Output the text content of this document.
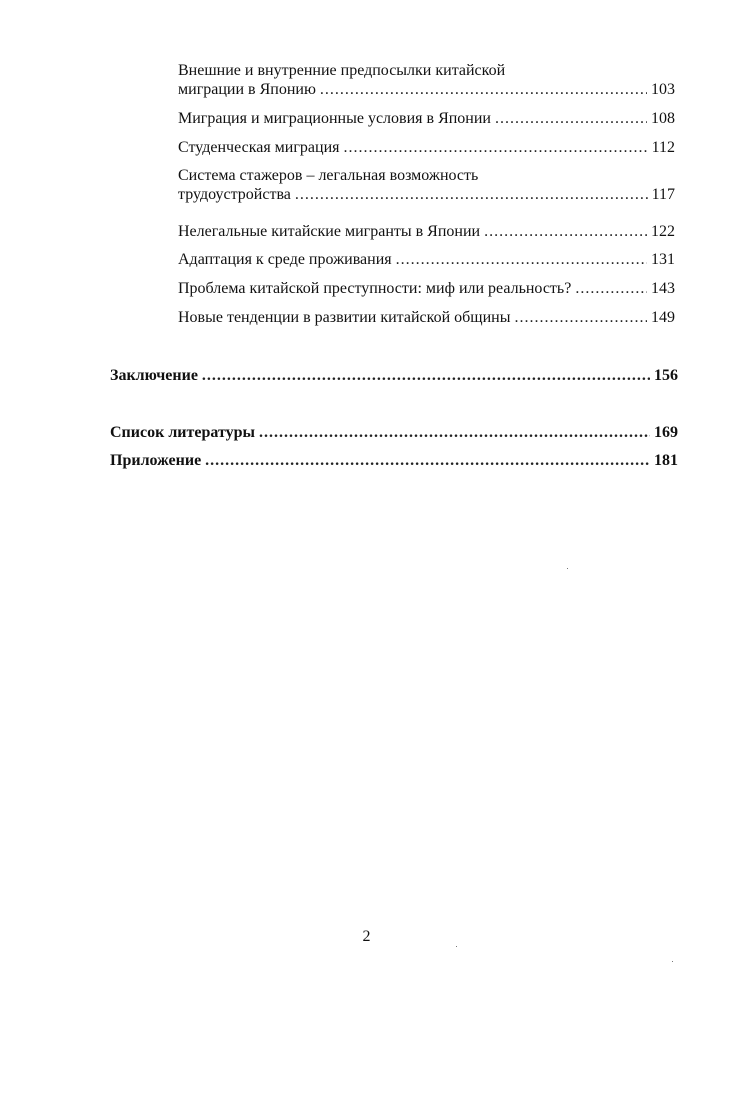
Внешние и внутренние предпосылки китайской
миграции в Японию .....	103
Миграция и миграционные условия в Японии .....	108
Студенческая миграция .....	112
Система стажеров – легальная возможность
трудоустройства .....	117
Нелегальные китайские мигранты в Японии .....	122
Адаптация к среде проживания .....	131
Проблема китайской преступности: миф или реальность? .....	143
Новые тенденции в развитии китайской общины .....	149
Заключение .....	156
Список литературы .....	169
Приложение .....	181
2
